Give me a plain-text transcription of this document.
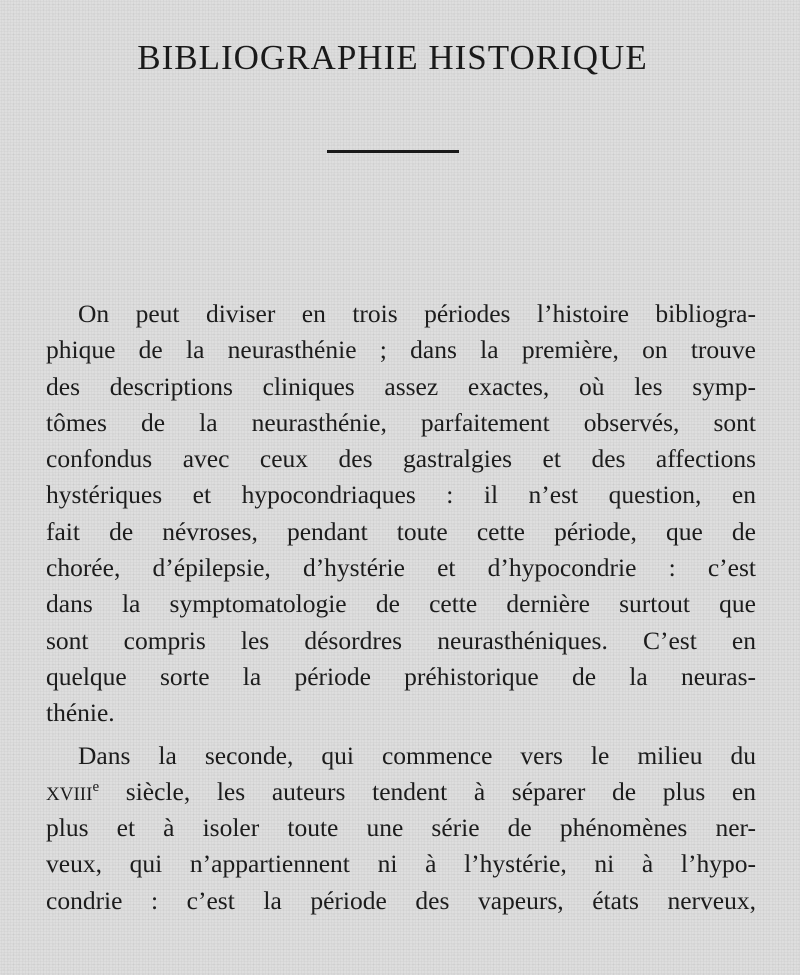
BIBLIOGRAPHIE HISTORIQUE
On peut diviser en trois périodes l’histoire bibliogra-
phique de la neurasthénie ; dans la première, on trouve
des descriptions cliniques assez exactes, où les symp-
tômes de la neurasthénie, parfaitement observés, sont
confondus avec ceux des gastralgies et des affections
hystériques et hypocondriaques : il n’est question, en
fait de névroses, pendant toute cette période, que de
chorée, d’épilepsie, d’hystérie et d’hypocondrie : c’est
dans la symptomatologie de cette dernière surtout que
sont compris les désordres neurasthéniques. C’est en
quelque sorte la période préhistorique de la neuras-
thénie.
Dans la seconde, qui commence vers le milieu du
XVIIIe siècle, les auteurs tendent à séparer de plus en
plus et à isoler toute une série de phénomènes ner-
veux, qui n’appartiennent ni à l’hystérie, ni à l’hypo-
condrie : c’est la période des vapeurs, états nerveux,
